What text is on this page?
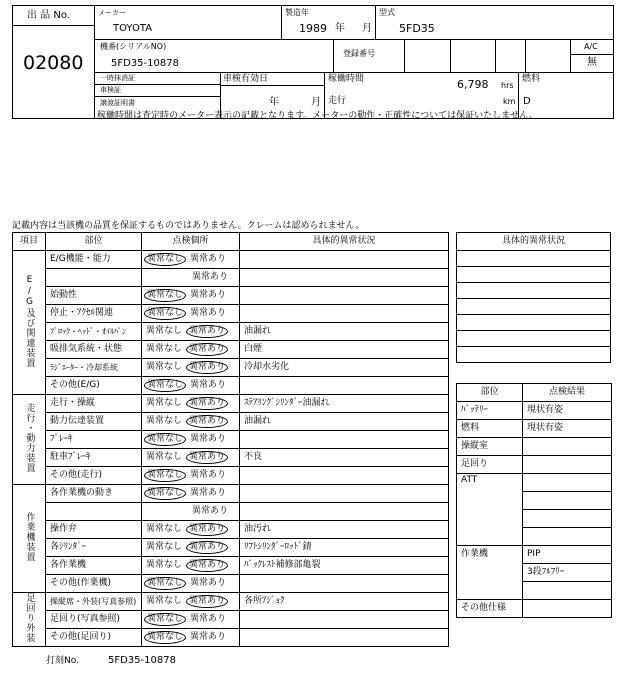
出 品 No.
02080
メーカー
TOYOTA
製造年
1989 年 月
型式
5FD35
機番(シリアルNO)
5FD35-10878
登録番号
A/C
無
一時抹消証
車検証
譲渡証明書
車検有効日
年	月
稼働時間	6,798 hrs
走行	km
燃料
D
稼働時間は査定時のメーター表示の記載となります。メーターの動作・正確性については保証いたしません。
記載内容は当該機の品質を保証するものではありません。クレームは認められません。
項目	部位	点検個所	具体的異常状況
E/G及び関連装置	E/G機能・能力	異常なし 異常あり	
		異常あり	
	始動性	異常なし 異常あり	
	停止・ｱｸｾﾙ関連	異常なし 異常あり	
	ﾌﾞﾛｯｸ・ﾍｯﾄﾞ・ｵｲﾙﾊﾟﾝ	異常なし 異常あり	油漏れ
	吸排気系統・状態	異常なし 異常あり	白煙
	ﾗｼﾞｴｰﾀｰ・冷却系統	異常なし 異常あり	冷却水劣化
	その他(E/G)	異常なし 異常あり	
走行・動力装置	走行・操縦	異常なし 異常あり	ｽﾃｱﾘﾝｸﾞｼﾘﾝﾀﾞｰ油漏れ
	動力伝達装置	異常なし 異常あり	油漏れ
	ﾌﾞﾚｰｷ	異常なし 異常あり	
	駐車ﾌﾞﾚｰｷ	異常なし 異常あり	不良
	その他(走行)	異常なし 異常あり	
作業機装置	各作業機の動き	異常なし 異常あり	
		異常あり	
	操作弁	異常なし 異常あり	油汚れ
	各ｼﾘﾝﾀﾞｰ	異常なし 異常あり	ﾘﾌﾄｼﾘﾝﾀﾞｰﾛｯﾄﾞ錆
	各作業機	異常なし 異常あり	ﾊﾞｯｸﾚｽﾄ補修部亀裂
	その他(作業機)	異常なし 異常あり	
足回り外装	操縦席・外装(写真参照)	異常なし 異常あり	各所ｱｼﾞｮｸ
	足回り(写真参照)	異常なし 異常あり	
	その他(足回り)	異常なし 異常あり	
具体的異常状況

部位	点検結果
ﾊﾞｯﾃﾘｰ	現状有姿
燃料	現状有姿
操縦室	
足回り	
ATT	

作業機	PIP
	3段ﾌﾙﾌﾘｰ

その他仕様	
打刻No.	5FD35-10878
